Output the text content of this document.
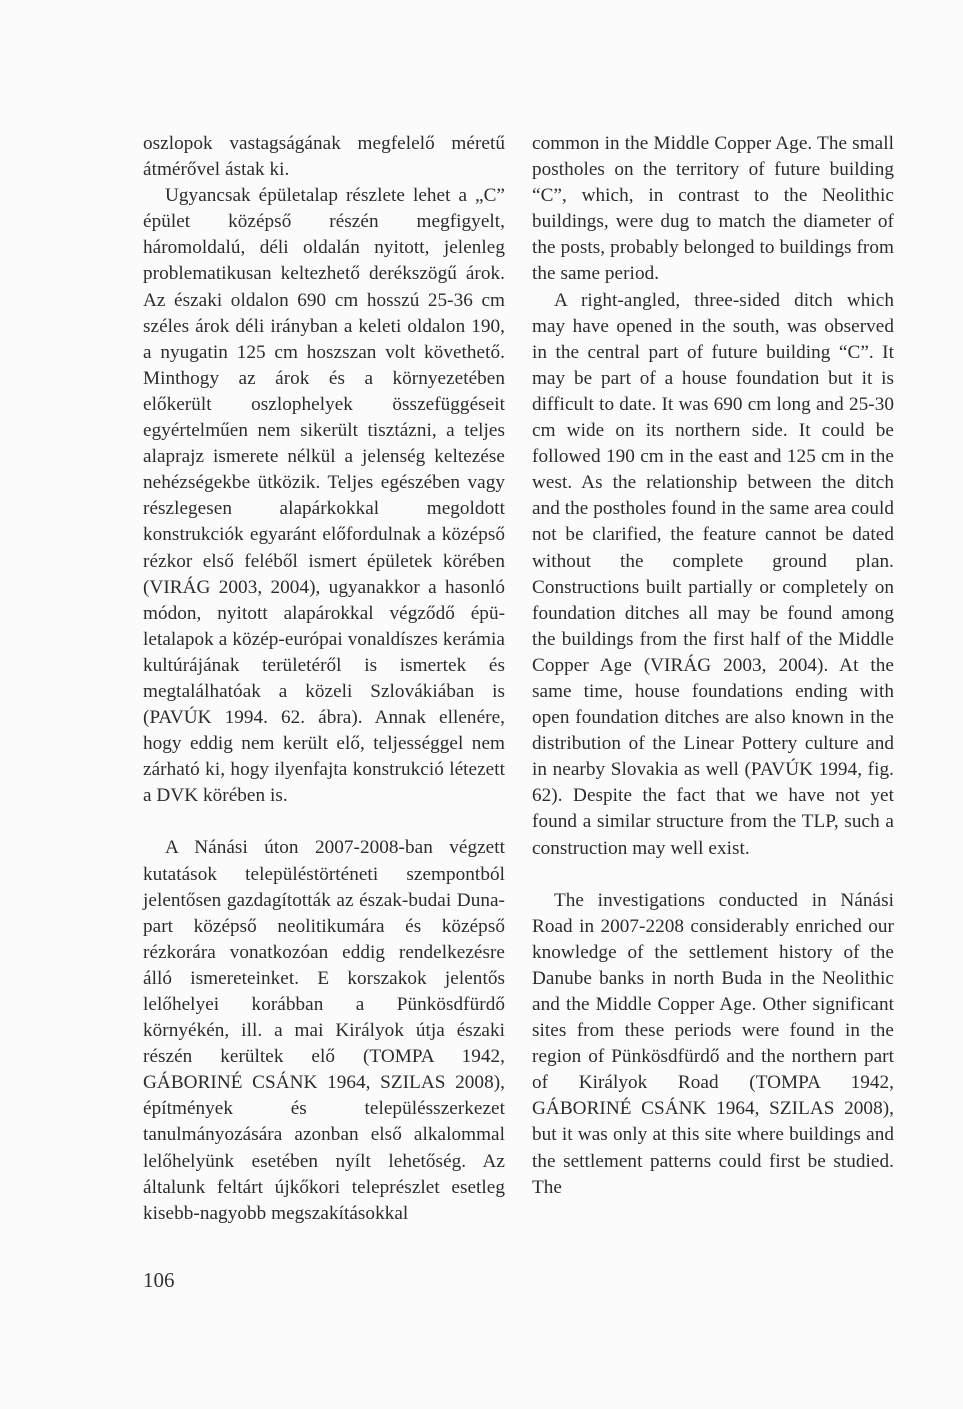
oszlopok vastagságának megfelelő méretű átmérővel ástak ki.

Ugyancsak épületalap részlete lehet a „C” épület középső részén megfigyelt, háromoldalú, déli oldalán nyitott, jelenleg problematikusan keltezhető derékszögű árok. Az északi oldalon 690 cm hosszú 25-36 cm széles árok déli irányban a keleti oldalon 190, a nyugatin 125 cm hoszszan volt követhető. Minthogy az árok és a környezetében előkerült oszlophelyek összefüggéseit egyértelműen nem sikerült tisztázni, a teljes alaprajz ismerete nélkül a jelenség keltezése nehézségekbe ütközik. Teljes egészében vagy részlegesen alapárkokkal megoldott konstrukciók egyaránt előfordulnak a középső rézkor első feléből ismert épületek körében (VIRÁG 2003, 2004), ugyanakkor a hasonló módon, nyitott alapárokkal végződő épületalapok a közép-európai vonaldíszes kerámia kultúrájának területéről is ismertek és megtalálhatóak a közeli Szlovákiában is (PAVÚK 1994. 62. ábra). Annak ellenére, hogy eddig nem került elő, teljességgel nem zárható ki, hogy ilyenfajta konstrukció létezett a DVK körében is.

A Nánási úton 2007-2008-ban végzett kutatások településtörténeti szempontból jelentősen gazdagították az észak-budai Duna-part középső neolitikumára és középső rézkorára vonatkozóan eddig rendelkezésre álló ismereteinket. E korszakok jelentős lelőhelyei korábban a Pünkösdfürdő környékén, ill. a mai Királyok útja északi részén kerültek elő (TOMPA 1942, GÁBORINÉ CSÁNK 1964, SZILAS 2008), építmények és településszerkezet tanulmányozására azonban első alkalommal lelőhelyünk esetében nyílt lehetőség. Az általunk feltárt újkőkori teleprészlet esetleg kisebb-nagyobb megszakításokkal

common in the Middle Copper Age. The small postholes on the territory of future building “C”, which, in contrast to the Neolithic buildings, were dug to match the diameter of the posts, probably belonged to buildings from the same period.

A right-angled, three-sided ditch which may have opened in the south, was observed in the central part of future building “C”. It may be part of a house foundation but it is difficult to date. It was 690 cm long and 25-30 cm wide on its northern side. It could be followed 190 cm in the east and 125 cm in the west. As the relationship between the ditch and the postholes found in the same area could not be clarified, the feature cannot be dated without the complete ground plan. Constructions built partially or completely on foundation ditches all may be found among the buildings from the first half of the Middle Copper Age (VIRÁG 2003, 2004). At the same time, house foundations ending with open foundation ditches are also known in the distribution of the Linear Pottery culture and in nearby Slovakia as well (PAVÚK 1994, fig. 62). Despite the fact that we have not yet found a similar structure from the TLP, such a construction may well exist.

The investigations conducted in Nánási Road in 2007-2208 considerably enriched our knowledge of the settlement history of the Danube banks in north Buda in the Neolithic and the Middle Copper Age. Other significant sites from these periods were found in the region of Pünkösdfürdő and the northern part of Királyok Road (TOMPA 1942, GÁBORINÉ CSÁNK 1964, SZILAS 2008), but it was only at this site where buildings and the settlement patterns could first be studied. The

106
